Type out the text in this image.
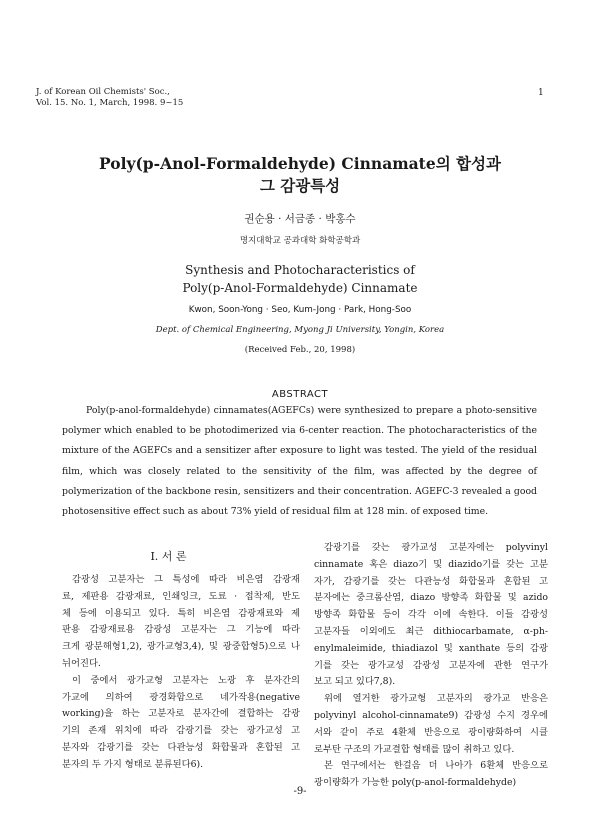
J. of Korean Oil Chemists' Soc.,
Vol. 15. No. 1, March, 1998. 9~15
1
Poly(p-Anol-Formaldehyde) Cinnamate의 합성과
그 감광특성
권순용 · 서금종 · 박홍수
명지대학교 공과대학 화학공학과
Synthesis and Photocharacteristics of
Poly(p-Anol-Formaldehyde) Cinnamate
Kwon, Soon-Yong · Seo, Kum-Jong · Park, Hong-Soo
Dept. of Chemical Engineering, Myong Ji University, Yongin, Korea
(Received Feb., 20, 1998)
ABSTRACT
Poly(p-anol-formaldehyde) cinnamates(AGEFCs) were synthesized to prepare a photo-sensitive
polymer which enabled to be photodimerized via 6-center reaction. The photocharacteristics of the
mixture of the AGEFCs and a sensitizer after exposure to light was tested. The yield of the residual
film, which was closely related to the sensitivity of the film, was affected by the degree of
polymerization of the backbone resin, sensitizers and their concentration. AGEFC-3 revealed a good
photosensitive effect such as about 73% yield of residual film at 128 min. of exposed time.
Ⅰ. 서 론
감광성 고분자는 그 특성에 따라 비은염 감광재
료, 제판용 감광재료, 인쇄잉크, 도료 · 접착제, 반도
체 등에 이용되고 있다. 특히 비은염 감광재료와 제
판용 감광재료용 감광성 고분자는 그 기능에 따라
크게 광분해형1,2), 광가교형3,4), 및 광중합형5)으로 나
뉘어진다.
이 중에서 광가교형 고분자는 노광 후 분자간의
가교에 의하여 광경화함으로 네가작용(negative
working)을 하는 고분자로 분자간에 결합하는 감광
기의 존재 위치에 따라 감광기를 갖는 광가교성 고
분자와 감광기를 갖는 다관능성 화합물과 혼합된 고
분자의 두 가지 형태로 분류된다6).
감광기를 갖는 광가교성 고분자에는 polyvinyl
cinnamate 혹은 diazo기 및 diazido기를 갖는 고분
자가, 감광기를 갖는 다관능성 화합물과 혼합된 고
분자에는 중크롬산염, diazo 방향족 화합물 및 azido
방향족 화합물 등이 각각 이에 속한다. 이들 감광성
고분자들 이외에도 최근 dithiocarbamate, α-ph-
enylmaleimide, thiadiazol 및 xanthate 등의 감광
기를 갖는 광가교성 감광성 고분자에 관한 연구가
보고 되고 있다7,8).
위에 열거한 광가교형 고분자의 광가교 반응은
polyvinyl alcohol-cinnamate9) 감광성 수지 경우에
서와 같이 주로 4환체 반응으로 광이량화하여 시클
로부탄 구조의 가교결합 형태를 많이 취하고 있다.
본 연구에서는 한걸음 더 나아가 6환체 반응으로
광이량화가 가능한 poly(p-anol-formaldehyde)
-9-
